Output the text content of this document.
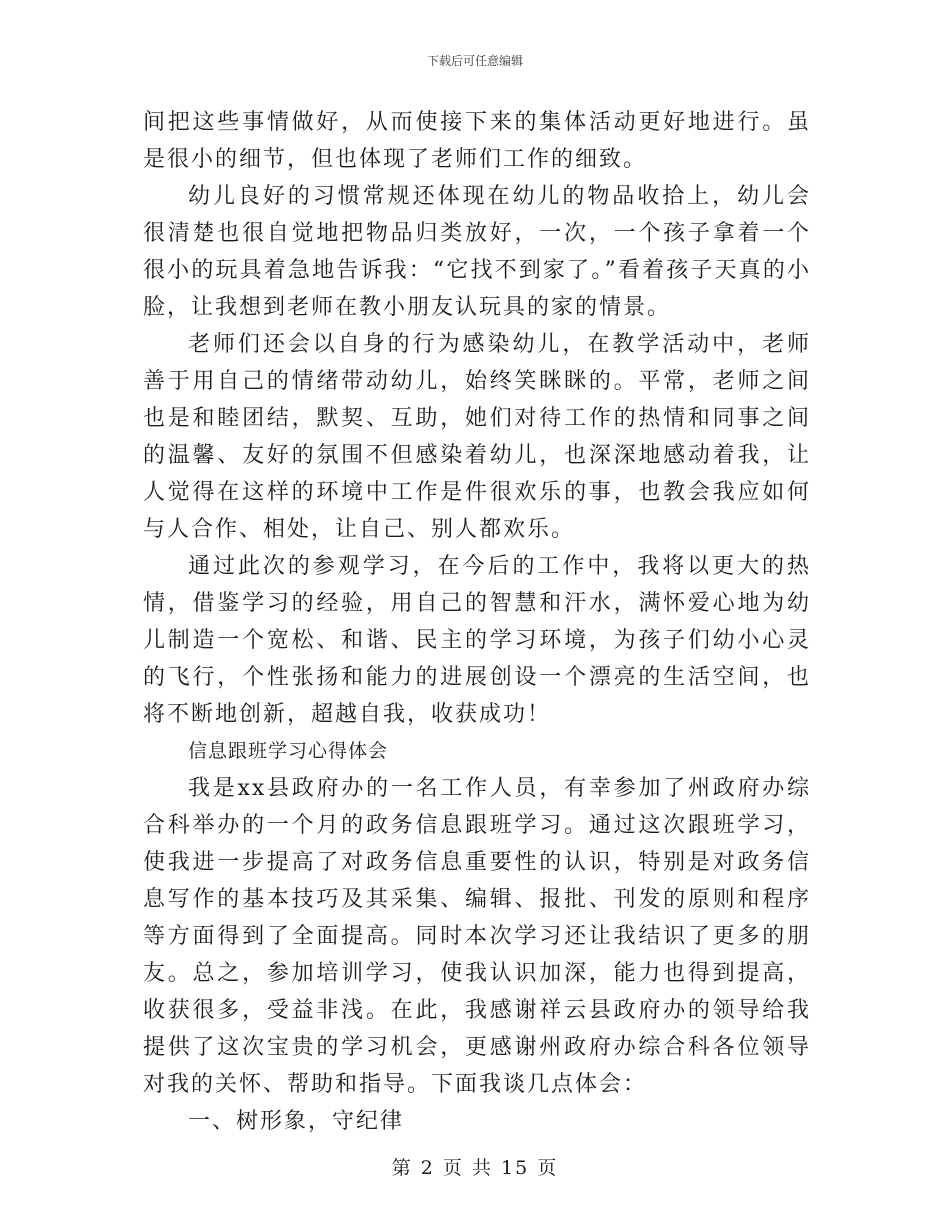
下载后可任意编辑

间把这些事情做好，从而使接下来的集体活动更好地进行。虽是很小的细节，但也体现了老师们工作的细致。

幼儿良好的习惯常规还体现在幼儿的物品收拾上，幼儿会很清楚也很自觉地把物品归类放好，一次，一个孩子拿着一个很小的玩具着急地告诉我：“它找不到家了。”看着孩子天真的小脸，让我想到老师在教小朋友认玩具的家的情景。

老师们还会以自身的行为感染幼儿，在教学活动中，老师善于用自己的情绪带动幼儿，始终笑眯眯的。平常，老师之间也是和睦团结，默契、互助，她们对待工作的热情和同事之间的温馨、友好的氛围不但感染着幼儿，也深深地感动着我，让人觉得在这样的环境中工作是件很欢乐的事，也教会我应如何与人合作、相处，让自己、别人都欢乐。

通过此次的参观学习，在今后的工作中，我将以更大的热情，借鉴学习的经验，用自己的智慧和汗水，满怀爱心地为幼儿制造一个宽松、和谐、民主的学习环境，为孩子们幼小心灵的飞行，个性张扬和能力的进展创设一个漂亮的生活空间，也将不断地创新，超越自我，收获成功！

信息跟班学习心得体会

我是xx县政府办的一名工作人员，有幸参加了州政府办综合科举办的一个月的政务信息跟班学习。通过这次跟班学习，使我进一步提高了对政务信息重要性的认识，特别是对政务信息写作的基本技巧及其采集、编辑、报批、刊发的原则和程序等方面得到了全面提高。同时本次学习还让我结识了更多的朋友。总之，参加培训学习，使我认识加深，能力也得到提高，收获很多，受益非浅。在此，我感谢祥云县政府办的领导给我提供了这次宝贵的学习机会，更感谢州政府办综合科各位领导对我的关怀、帮助和指导。下面我谈几点体会：

一、树形象，守纪律

第 2 页 共 15 页
